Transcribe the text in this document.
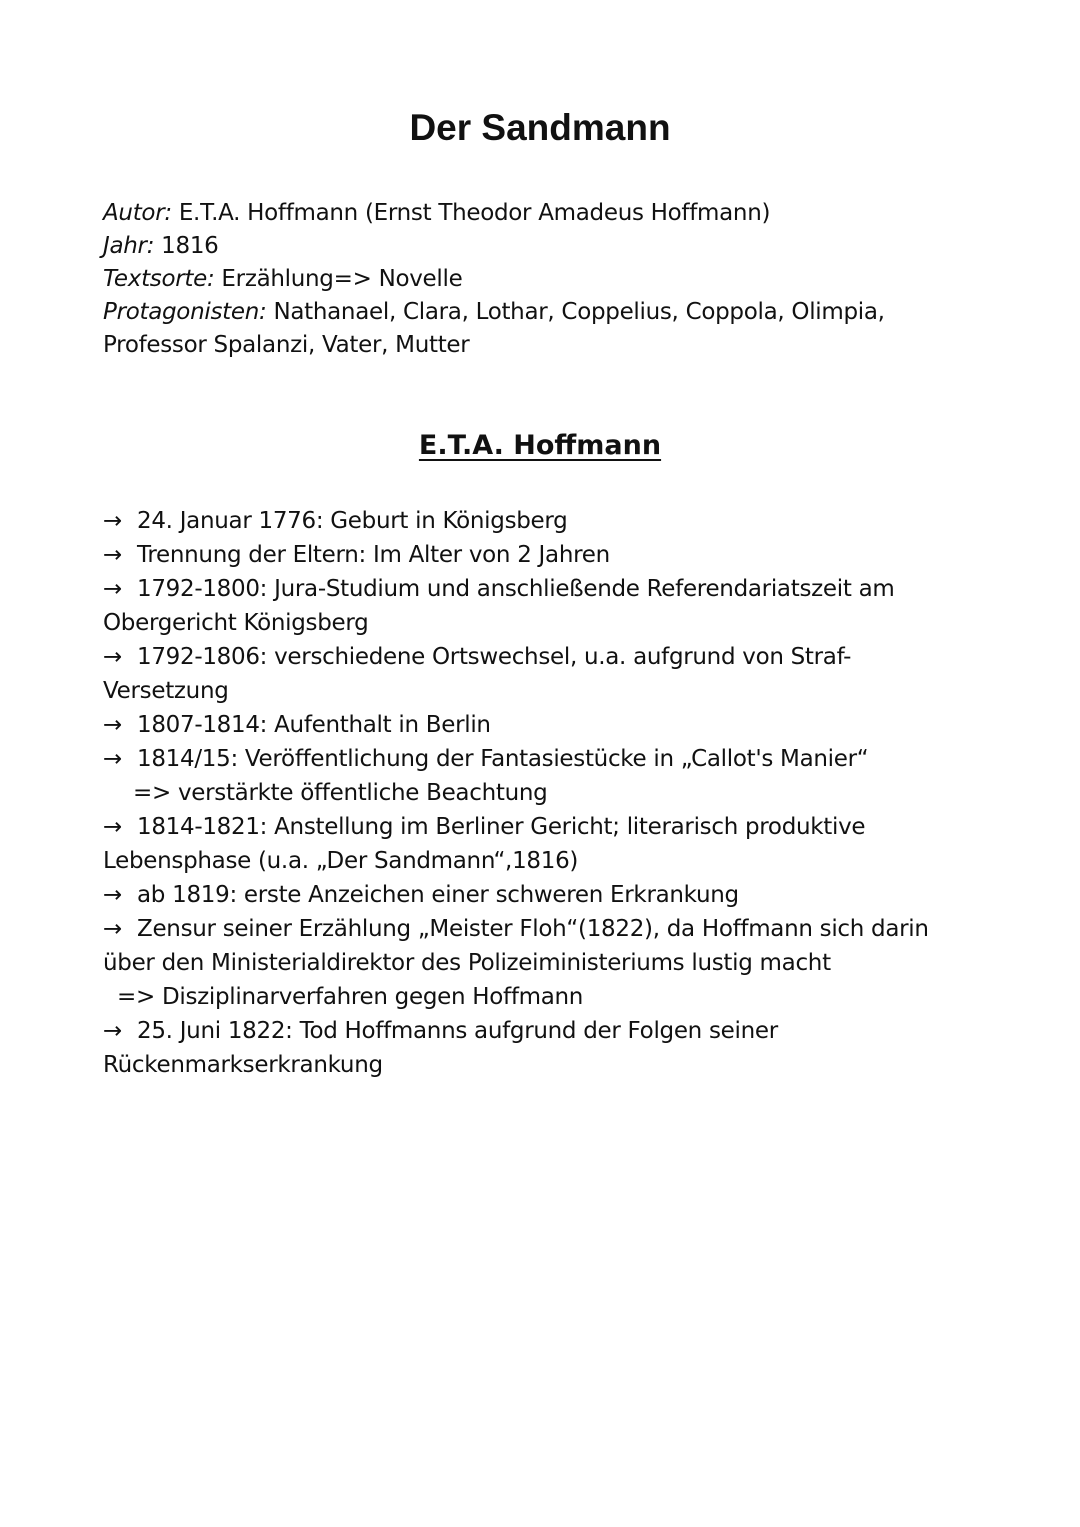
Der Sandmann
Autor: E.T.A. Hoffmann (Ernst Theodor Amadeus Hoffmann)
Jahr: 1816
Textsorte: Erzählung=> Novelle
Protagonisten: Nathanael, Clara, Lothar, Coppelius, Coppola, Olimpia,
Professor Spalanzi, Vater, Mutter
E.T.A. Hoffmann
→ 24. Januar 1776: Geburt in Königsberg
→ Trennung der Eltern: Im Alter von 2 Jahren
→ 1792-1800: Jura-Studium und anschließende Referendariatszeit am
Obergericht Königsberg
→ 1792-1806: verschiedene Ortswechsel, u.a. aufgrund von Straf-
Versetzung
→ 1807-1814: Aufenthalt in Berlin
→ 1814/15: Veröffentlichung der Fantasiestücke in „Callot's Manier“
=> verstärkte öffentliche Beachtung
→ 1814-1821: Anstellung im Berliner Gericht; literarisch produktive
Lebensphase (u.a. „Der Sandmann“,1816)
→ ab 1819: erste Anzeichen einer schweren Erkrankung
→ Zensur seiner Erzählung „Meister Floh“(1822), da Hoffmann sich darin
über den Ministerialdirektor des Polizeiministeriums lustig macht
=> Disziplinarverfahren gegen Hoffmann
→ 25. Juni 1822: Tod Hoffmanns aufgrund der Folgen seiner
Rückenmarkserkrankung
